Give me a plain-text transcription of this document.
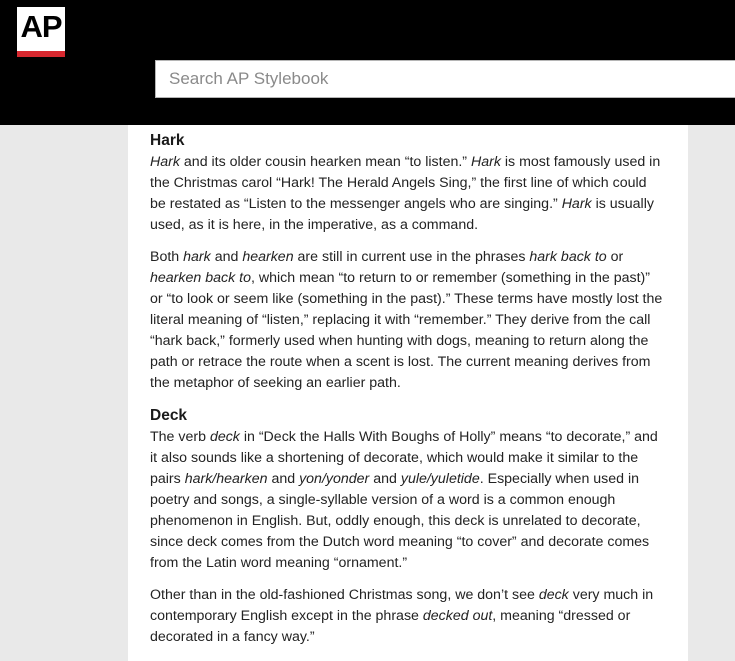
AP
Search AP Stylebook
Hark

Hark and its older cousin hearken mean “to listen.” Hark is most famously used in the Christmas carol “Hark! The Herald Angels Sing,” the first line of which could be restated as “Listen to the messenger angels who are singing.” Hark is usually used, as it is here, in the imperative, as a command.

Both hark and hearken are still in current use in the phrases hark back to or hearken back to, which mean “to return to or remember (something in the past)” or “to look or seem like (something in the past).” These terms have mostly lost the literal meaning of “listen,” replacing it with “remember.” They derive from the call “hark back,” formerly used when hunting with dogs, meaning to return along the path or retrace the route when a scent is lost. The current meaning derives from the metaphor of seeking an earlier path.

Deck

The verb deck in “Deck the Halls With Boughs of Holly” means “to decorate,” and it also sounds like a shortening of decorate, which would make it similar to the pairs hark/hearken and yon/yonder and yule/yuletide. Especially when used in poetry and songs, a single-syllable version of a word is a common enough phenomenon in English. But, oddly enough, this deck is unrelated to decorate, since deck comes from the Dutch word meaning “to cover” and decorate comes from the Latin word meaning “ornament.”

Other than in the old-fashioned Christmas song, we don’t see deck very much in contemporary English except in the phrase decked out, meaning “dressed or decorated in a fancy way.”
